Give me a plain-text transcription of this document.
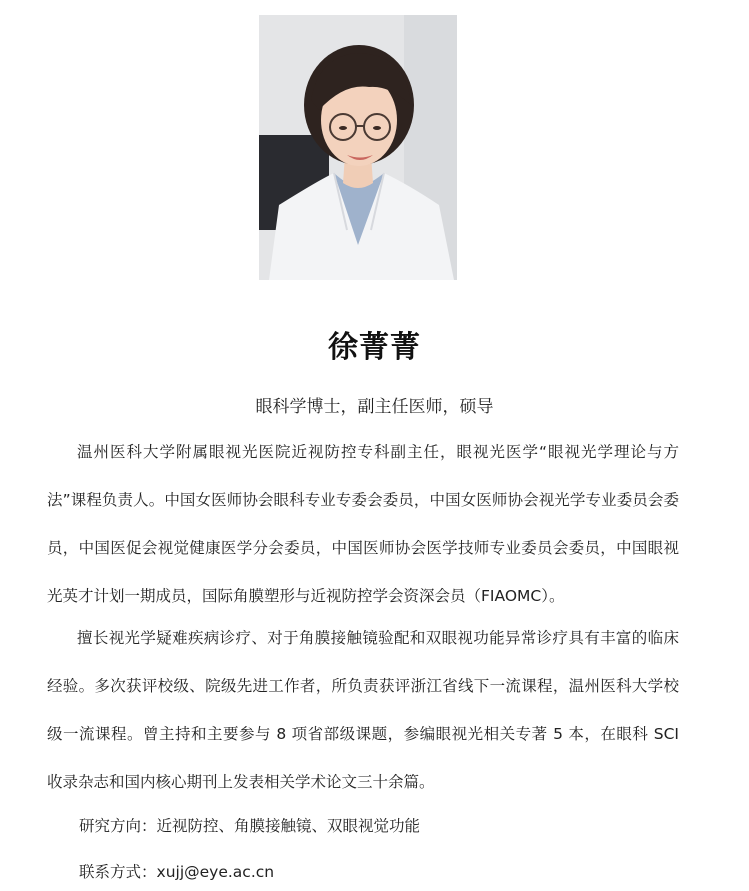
徐菁菁
眼科学博士，副主任医师，硕导

温州医科大学附属眼视光医院近视防控专科副主任，眼视光医学“眼视光学理论与方法”课程负责人。中国女医师协会眼科专业专委会委员，中国女医师协会视光学专业委员会委员，中国医促会视觉健康医学分会委员，中国医师协会医学技师专业委员会委员，中国眼视光英才计划一期成员，国际角膜塑形与近视防控学会资深会员（FIAOMC）。

擅长视光学疑难疾病诊疗、对于角膜接触镜验配和双眼视功能异常诊疗具有丰富的临床经验。多次获评校级、院级先进工作者，所负责获评浙江省线下一流课程，温州医科大学校级一流课程。曾主持和主要参与 8 项省部级课题，参编眼视光相关专著 5 本，在眼科 SCI 收录杂志和国内核心期刊上发表相关学术论文三十余篇。

研究方向：近视防控、角膜接触镜、双眼视觉功能
联系方式：xujj@eye.ac.cn
